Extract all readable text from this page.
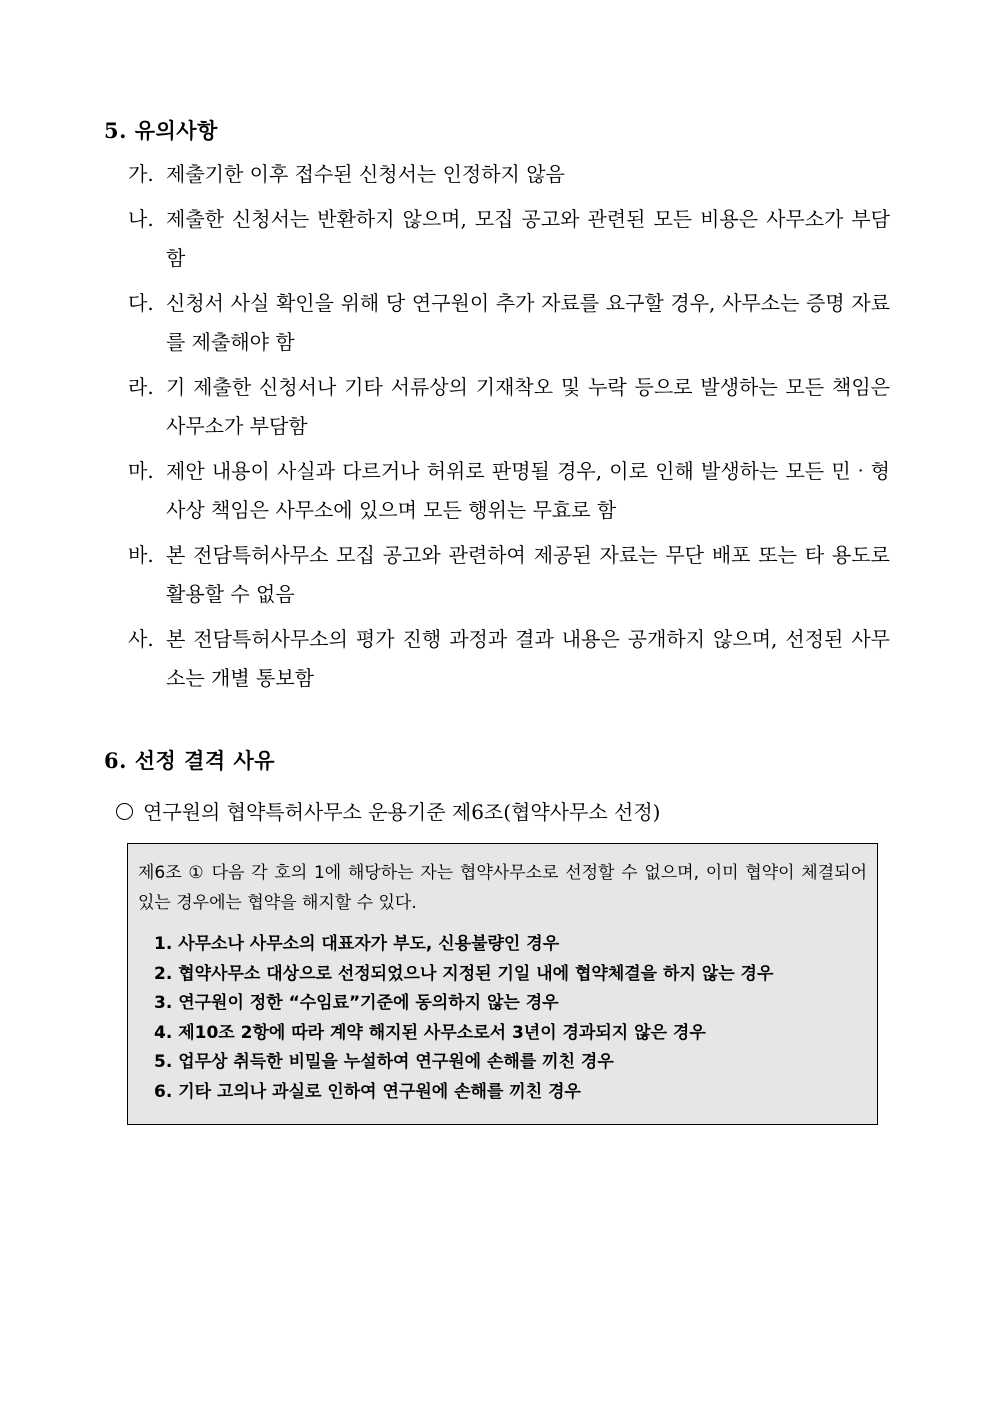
5. 유의사항
가. 제출기한 이후 접수된 신청서는 인정하지 않음
나. 제출한 신청서는 반환하지 않으며, 모집 공고와 관련된 모든 비용은 사무소가 부담함
다. 신청서 사실 확인을 위해 당 연구원이 추가 자료를 요구할 경우, 사무소는 증명 자료를 제출해야 함
라. 기 제출한 신청서나 기타 서류상의 기재착오 및 누락 등으로 발생하는 모든 책임은 사무소가 부담함
마. 제안 내용이 사실과 다르거나 허위로 판명될 경우, 이로 인해 발생하는 모든 민‧형사상 책임은 사무소에 있으며 모든 행위는 무효로 함
바. 본 전담특허사무소 모집 공고와 관련하여 제공된 자료는 무단 배포 또는 타 용도로 활용할 수 없음
사. 본 전담특허사무소의 평가 진행 과정과 결과 내용은 공개하지 않으며, 선정된 사무소는 개별 통보함
6. 선정 결격 사유
연구원의 협약특허사무소 운용기준 제6조(협약사무소 선정)

제6조 ① 다음 각 호의 1에 해당하는 자는 협약사무소로 선정할 수 없으며, 이미 협약이 체결되어 있는 경우에는 협약을 해지할 수 있다.

1. 사무소나 사무소의 대표자가 부도, 신용불량인 경우
2. 협약사무소 대상으로 선정되었으나 지정된 기일 내에 협약체결을 하지 않는 경우
3. 연구원이 정한 “수임료”기준에 동의하지 않는 경우
4. 제10조 2항에 따라 계약 해지된 사무소로서 3년이 경과되지 않은 경우
5. 업무상 취득한 비밀을 누설하여 연구원에 손해를 끼친 경우
6. 기타 고의나 과실로 인하여 연구원에 손해를 끼친 경우
